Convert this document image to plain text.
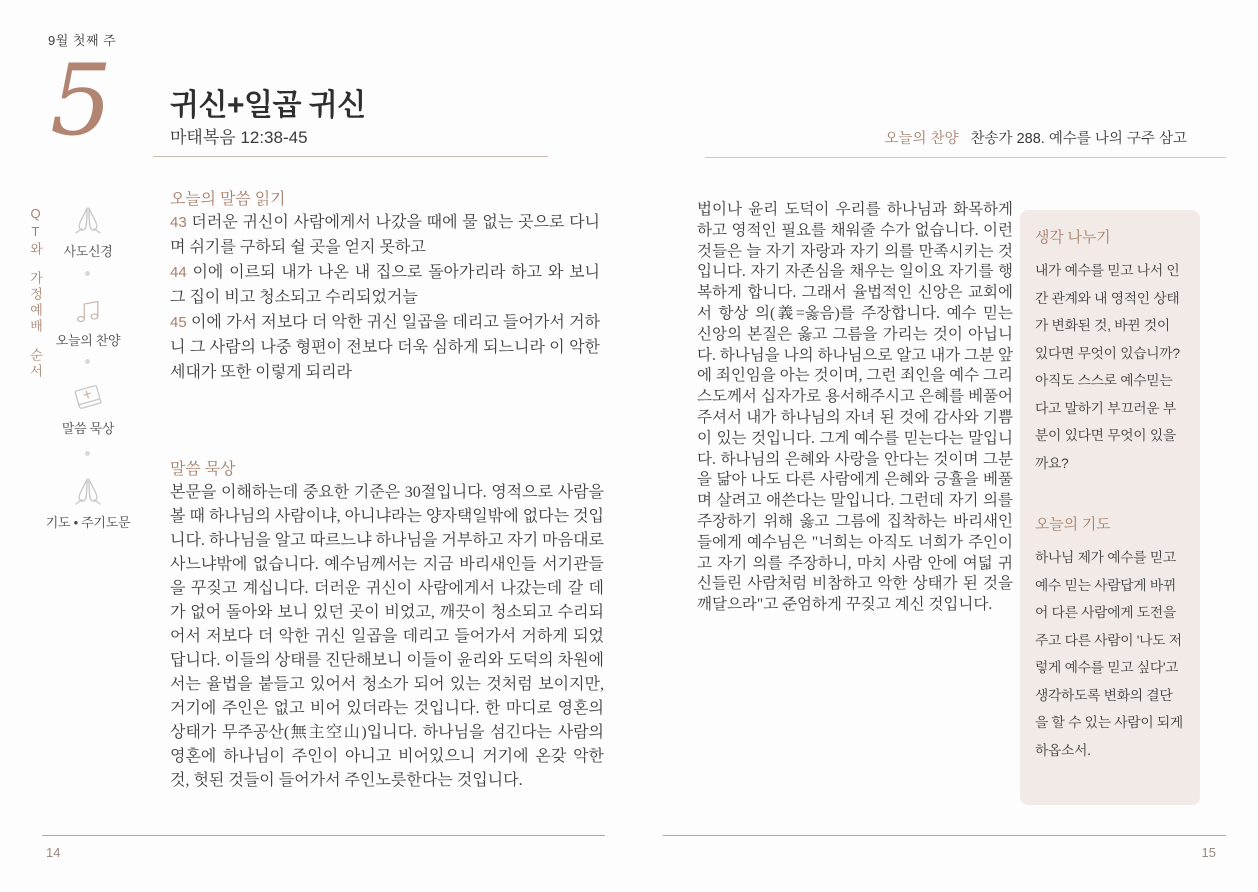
9월 첫째 주
5 귀신+일곱 귀신
마태복음 12:38-45
QT와
가정예배
순서
사도신경
오늘의 찬양
말씀 묵상
기도 • 주기도문
오늘의 말씀 읽기

43 더러운 귀신이 사람에게서 나갔을 때에 물 없는 곳으로 다니며 쉬기를 구하되 쉴 곳을 얻지 못하고

44 이에 이르되 내가 나온 내 집으로 돌아가리라 하고 와 보니 그 집이 비고 청소되고 수리되었거늘

45 이에 가서 저보다 더 악한 귀신 일곱을 데리고 들어가서 거하니 그 사람의 나중 형편이 전보다 더욱 심하게 되느니라 이 악한 세대가 또한 이렇게 되리라

말씀 묵상
본문을 이해하는데 중요한 기준은 30절입니다. 영적으로 사람을 볼 때 하나님의 사람이냐, 아니냐라는 양자택일밖에 없다는 것입니다. 하나님을 알고 따르느냐 하나님을 거부하고 자기 마음대로 사느냐밖에 없습니다. 예수님께서는 지금 바리새인들 서기관들을 꾸짖고 계십니다. 더러운 귀신이 사람에게서 나갔는데 갈 데가 없어 돌아와 보니 있던 곳이 비었고, 깨끗이 청소되고 수리되어서 저보다 더 악한 귀신 일곱을 데리고 들어가서 거하게 되었답니다. 이들의 상태를 진단해보니 이들이 윤리와 도덕의 차원에서는 율법을 붙들고 있어서 청소가 되어 있는 것처럼 보이지만, 거기에 주인은 없고 비어 있더라는 것입니다. 한 마디로 영혼의 상태가 무주공산(無主空山)입니다. 하나님을 섬긴다는 사람의 영혼에 하나님이 주인이 아니고 비어있으니 거기에 온갖 악한 것, 헛된 것들이 들어가서 주인노릇한다는 것입니다.
오늘의 찬양 찬송가 288. 예수를 나의 구주 삼고
법이나 윤리 도덕이 우리를 하나님과 화목하게 하고 영적인 필요를 채워줄 수가 없습니다. 이런 것들은 늘 자기 자랑과 자기 의를 만족시키는 것입니다. 자기 자존심을 채우는 일이요 자기를 행복하게 합니다. 그래서 율법적인 신앙은 교회에서 항상 의(義=옳음)를 주장합니다. 예수 믿는 신앙의 본질은 옳고 그름을 가리는 것이 아닙니다. 하나님을 나의 하나님으로 알고 내가 그분 앞에 죄인임을 아는 것이며, 그런 죄인을 예수 그리스도께서 십자가로 용서해주시고 은혜를 베풀어주셔서 내가 하나님의 자녀 된 것에 감사와 기쁨이 있는 것입니다. 그게 예수를 믿는다는 말입니다. 하나님의 은혜와 사랑을 안다는 것이며 그분을 닮아 나도 다른 사람에게 은혜와 긍휼을 베풀며 살려고 애쓴다는 말입니다. 그런데 자기 의를 주장하기 위해 옳고 그름에 집착하는 바리새인들에게 예수님은 "너희는 아직도 너희가 주인이고 자기 의를 주장하니, 마치 사람 안에 여덟 귀신들린 사람처럼 비참하고 악한 상태가 된 것을 깨달으라"고 준엄하게 꾸짖고 계신 것입니다.
생각 나누기
내가 예수를 믿고 나서 인간 관계와 내 영적인 상태가 변화된 것, 바뀐 것이 있다면 무엇이 있습니까? 아직도 스스로 예수믿는다고 말하기 부끄러운 부분이 있다면 무엇이 있을까요?
오늘의 기도
하나님 제가 예수를 믿고 예수 믿는 사람답게 바뀌어 다른 사람에게 도전을 주고 다른 사람이 '나도 저렇게 예수를 믿고 싶다'고 생각하도록 변화의 결단을 할 수 있는 사람이 되게 하옵소서.
14	15
